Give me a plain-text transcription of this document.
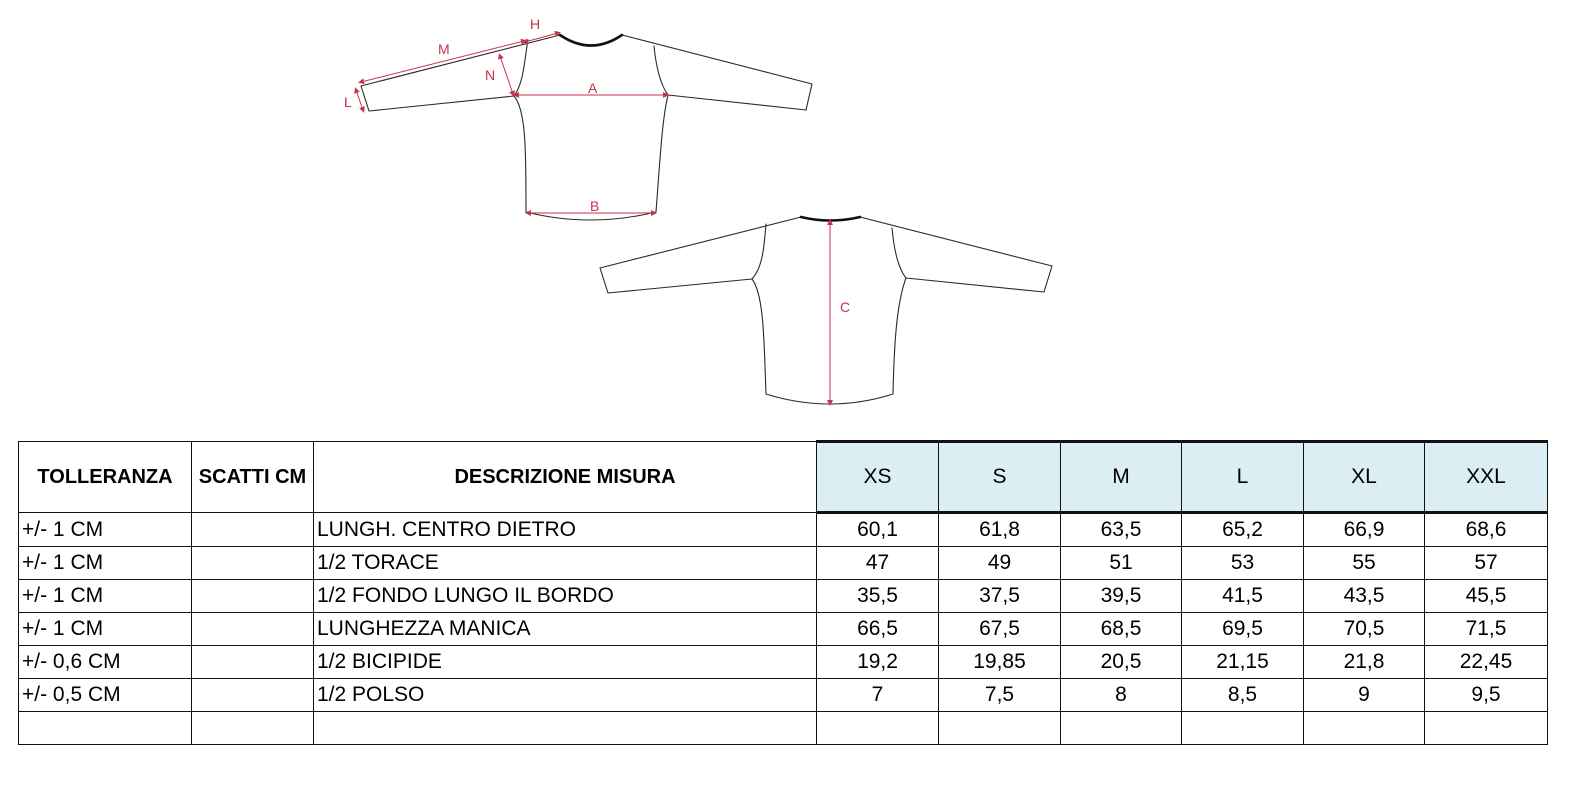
H
M
N
L
A
B
C
TOLLERANZA	SCATTI CM	DESCRIZIONE MISURA	XS	S	M	L	XL	XXL
+/- 1 CM		LUNGH. CENTRO DIETRO	60,1	61,8	63,5	65,2	66,9	68,6
+/- 1 CM		1/2 TORACE	47	49	51	53	55	57
+/- 1 CM		1/2 FONDO LUNGO IL BORDO	35,5	37,5	39,5	41,5	43,5	45,5
+/- 1 CM		LUNGHEZZA MANICA	66,5	67,5	68,5	69,5	70,5	71,5
+/- 0,6 CM		1/2 BICIPIDE	19,2	19,85	20,5	21,15	21,8	22,45
+/- 0,5 CM		1/2 POLSO	7	7,5	8	8,5	9	9,5
